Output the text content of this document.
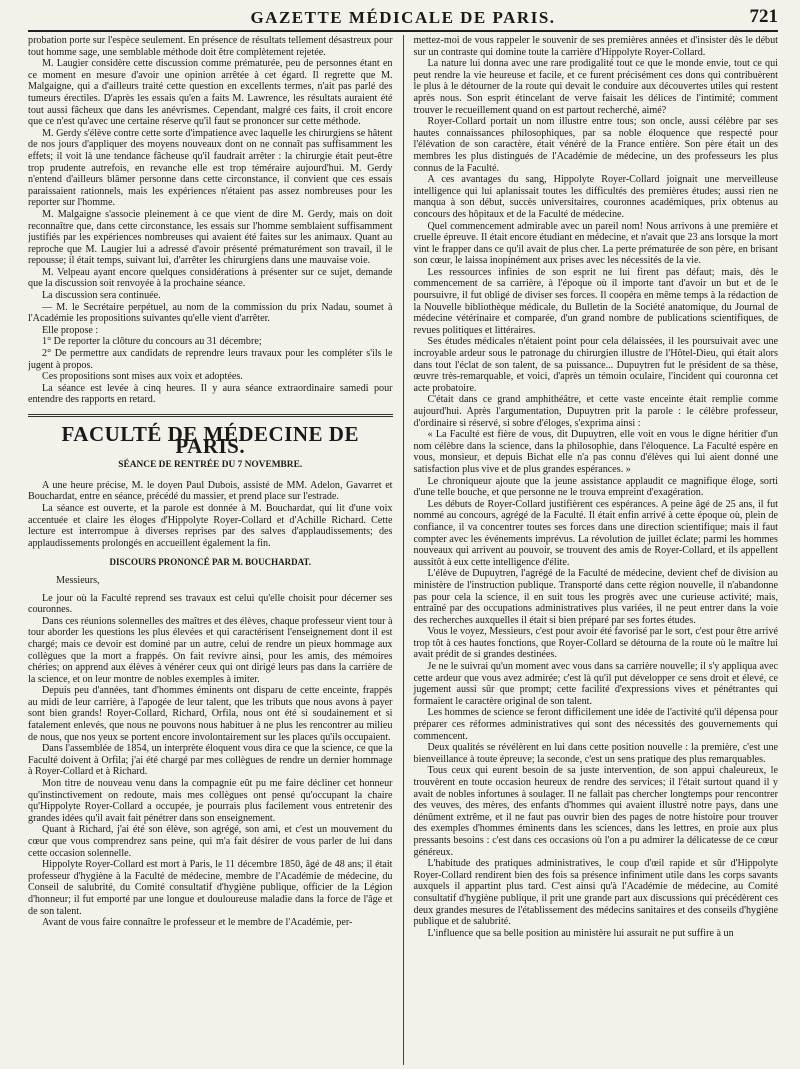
GAZETTE MÉDICALE DE PARIS.	721

probation porte sur l'espèce seulement. En présence de résultats tellement désastreux pour tout homme sage, une semblable méthode doit être complètement rejetée.

M. Laugier considère cette discussion comme prématurée, peu de personnes étant en ce moment en mesure d'avoir une opinion arrêtée à cet égard. Il regrette que M. Malgaigne, qui a d'ailleurs traité cette question en excellents termes, n'ait pas parlé des tumeurs érectiles. D'après les essais qu'en a faits M. Lawrence, les résultats auraient été tout aussi fâcheux que dans les anévrismes. Cependant, malgré ces faits, il croit encore que ce n'est qu'avec une certaine réserve qu'il faut se prononcer sur cette méthode.

M. Gerdy s'élève contre cette sorte d'impatience avec laquelle les chirurgiens se hâtent de nos jours d'appliquer des moyens nouveaux dont on ne connaît pas suffisamment les effets; il voit là une tendance fâcheuse qu'il faudrait arrêter : la chirurgie était peut-être trop prudente autrefois, en revanche elle est trop téméraire aujourd'hui. M. Gerdy n'entend d'ailleurs blâmer personne dans cette circonstance, il convient que ces essais paraissaient rationnels, mais les expériences n'étaient pas assez nombreuses pour les reporter sur l'homme.

M. Malgaigne s'associe pleinement à ce que vient de dire M. Gerdy, mais on doit reconnaître que, dans cette circonstance, les essais sur l'homme semblaient suffisamment justifiés par les expériences nombreuses qui avaient été faites sur les animaux. Quant au reproche que M. Laugier lui a adressé d'avoir présenté prématurément son travail, il le repousse; il était temps, suivant lui, d'arrêter les chirurgiens dans une mauvaise voie.

M. Velpeau ayant encore quelques considérations à présenter sur ce sujet, demande que la discussion soit renvoyée à la prochaine séance.

La discussion sera continuée.

— M. le Secrétaire perpétuel, au nom de la commission du prix Nadau, soumet à l'Académie les propositions suivantes qu'elle vient d'arrêter.

Elle propose :

1° De reporter la clôture du concours au 31 décembre;

2° De permettre aux candidats de reprendre leurs travaux pour les compléter s'ils le jugent à propos.

Ces propositions sont mises aux voix et adoptées.

La séance est levée à cinq heures. Il y aura séance extraordinaire samedi pour entendre des rapports en retard.

FACULTÉ DE MÉDECINE DE PARIS.
SÉANCE DE RENTRÉE DU 7 NOVEMBRE.

A une heure précise, M. le doyen Paul Dubois, assisté de MM. Adelon, Gavarret et Bouchardat, entre en séance, précédé du massier, et prend place sur l'estrade.

La séance est ouverte, et la parole est donnée à M. Bouchardat, qui lit d'une voix accentuée et claire les éloges d'Hippolyte Royer-Collard et d'Achille Richard. Cette lecture est interrompue à diverses reprises par des salves d'applaudissements; des applaudissements prolongés en accueillent également la fin.

DISCOURS PRONONCÉ PAR M. BOUCHARDAT.

Messieurs,

Le jour où la Faculté reprend ses travaux est celui qu'elle choisit pour décerner ses couronnes.

Dans ces réunions solennelles des maîtres et des élèves, chaque professeur vient tour à tour aborder les questions les plus élevées et qui caractérisent l'enseignement dont il est chargé; mais ce devoir est dominé par un autre, celui de rendre un pieux hommage aux collègues que la mort a frappés. On fait revivre ainsi, pour les amis, des mémoires chéries; on apprend aux élèves à vénérer ceux qui ont dirigé leurs pas dans la carrière de la science, et on leur montre de nobles exemples à imiter.

Depuis peu d'années, tant d'hommes éminents ont disparu de cette enceinte, frappés au midi de leur carrière, à l'apogée de leur talent, que les tributs que nous avons à payer sont bien grands! Royer-Collard, Richard, Orfila, nous ont été si soudainement et si fatalement enlevés, que nous ne pouvons nous habituer à ne plus les rencontrer au milieu de nous, que nos yeux se portent encore involontairement sur les places qu'ils occupaient.

Dans l'assemblée de 1854, un interprète éloquent vous dira ce que la science, ce que la Faculté doivent à Orfila; j'ai été chargé par mes collègues de rendre un dernier hommage à Royer-Collard et à Richard.

Mon titre de nouveau venu dans la compagnie eût pu me faire décliner cet honneur qu'instinctivement on redoute, mais mes collègues ont pensé qu'occupant la chaire qu'Hippolyte Royer-Collard a occupée, je pourrais plus facilement vous entretenir des grandes idées qu'il avait fait pénétrer dans son enseignement.

Quant à Richard, j'ai été son élève, son agrégé, son ami, et c'est un mouvement du cœur que vous comprendrez sans peine, qui m'a fait désirer de vous parler de lui dans cette occasion solennelle.

Hippolyte Royer-Collard est mort à Paris, le 11 décembre 1850, âgé de 48 ans; il était professeur d'hygiène à la Faculté de médecine, membre de l'Académie de médecine, du Conseil de salubrité, du Comité consultatif d'hygiène publique, officier de la Légion d'honneur; il fut emporté par une longue et douloureuse maladie dans la force de l'âge et de son talent.

Avant de vous faire connaître le professeur et le membre de l'Académie, per-

mettez-moi de vous rappeler le souvenir de ses premières années et d'insister dès le début sur un contraste qui domine toute la carrière d'Hippolyte Royer-Collard.

La nature lui donna avec une rare prodigalité tout ce que le monde envie, tout ce qui peut rendre la vie heureuse et facile, et ce furent précisément ces dons qui contribuèrent le plus à le détourner de la route qui devait le conduire aux découvertes utiles qui restent après nous. Son esprit étincelant de verve faisait les délices de l'intimité; comment trouver le recueillement quand on est partout recherché, aimé?

Royer-Collard portait un nom illustre entre tous; son oncle, aussi célèbre par ses hautes connaissances philosophiques, par sa noble éloquence que respecté pour l'élévation de son caractère, était vénéré de la France entière. Son père était un des membres les plus distingués de l'Académie de médecine, un des professeurs les plus connus de la Faculté.

A ces avantages du sang, Hippolyte Royer-Collard joignait une merveilleuse intelligence qui lui aplanissait toutes les difficultés des premières études; aussi rien ne manqua à son début, succès universitaires, couronnes académiques, prix obtenus au concours des hôpitaux et de la Faculté de médecine.

Quel commencement admirable avec un pareil nom! Nous arrivons à une première et cruelle épreuve. Il était encore étudiant en médecine, et n'avait que 23 ans lorsque la mort vint le frapper dans ce qu'il avait de plus cher. La perte prématurée de son père, en brisant son cœur, le laissa inopinément aux prises avec les nécessités de la vie.

Les ressources infinies de son esprit ne lui firent pas défaut; mais, dès le commencement de sa carrière, à l'époque où il importe tant d'avoir un but et de le poursuivre, il fut obligé de diviser ses forces. Il coopéra en même temps à la rédaction de la Nouvelle bibliothèque médicale, du Bulletin de la Société anatomique, du Journal de médecine vétérinaire et comparée, d'un grand nombre de publications scientifiques, de revues politiques et littéraires.

Ses études médicales n'étaient point pour cela délaissées, il les poursuivait avec une incroyable ardeur sous le patronage du chirurgien illustre de l'Hôtel-Dieu, qui était alors dans tout l'éclat de son talent, de sa puissance... Dupuytren fut le président de sa thèse, œuvre très-remarquable, et voici, d'après un témoin oculaire, l'incident qui couronna cet acte probatoire.

C'était dans ce grand amphithéâtre, et cette vaste enceinte était remplie comme aujourd'hui. Après l'argumentation, Dupuytren prit la parole : le célèbre professeur, d'ordinaire si réservé, si sobre d'éloges, s'exprima ainsi :

« La Faculté est fière de vous, dit Dupuytren, elle voit en vous le digne héritier d'un nom célèbre dans la science, dans la philosophie, dans l'éloquence. La Faculté espère en vous, monsieur, et depuis Bichat elle n'a pas connu d'élèves qui lui aient donné une satisfaction plus vive et de plus grandes espérances. »

Le chroniqueur ajoute que la jeune assistance applaudit ce magnifique éloge, sorti d'une telle bouche, et que personne ne le trouva empreint d'exagération.

Les débuts de Royer-Collard justifièrent ces espérances. A peine âgé de 25 ans, il fut nommé au concours, agrégé de la Faculté. Il était enfin arrivé à cette époque où, plein de confiance, il va concentrer toutes ses forces dans une direction scientifique; mais il faut compter avec les événements imprévus. La révolution de juillet éclate; parmi les hommes nouveaux qui arrivent au pouvoir, se trouvent des amis de Royer-Collard, et ils appellent aussitôt à eux cette intelligence d'élite.

L'élève de Dupuytren, l'agrégé de la Faculté de médecine, devient chef de division au ministère de l'instruction publique. Transporté dans cette région nouvelle, il n'abandonne pas pour cela la science, il en suit tous les progrès avec une curieuse activité; mais, entraîné par des occupations administratives plus variées, il ne peut entrer dans la voie des recherches auxquelles il était si bien préparé par ses fortes études.

Vous le voyez, Messieurs, c'est pour avoir été favorisé par le sort, c'est pour être arrivé trop tôt à ces hautes fonctions, que Royer-Collard se détourna de la route où le maître lui avait prédit de si grandes destinées.

Je ne le suivrai qu'un moment avec vous dans sa carrière nouvelle; il s'y appliqua avec cette ardeur que vous avez admirée; c'est là qu'il put développer ce sens droit et élevé, ce jugement aussi sûr que prompt; cette facilité d'expressions vives et pénétrantes qui formaient le caractère original de son talent.

Les hommes de science se feront difficilement une idée de l'activité qu'il dépensa pour préparer ces réformes administratives qui sont des nécessités des gouvernements qui commencent.

Deux qualités se révélèrent en lui dans cette position nouvelle : la première, c'est une bienveillance à toute épreuve; la seconde, c'est un sens pratique des plus remarquables.

Tous ceux qui eurent besoin de sa juste intervention, de son appui chaleureux, le trouvèrent en toute occasion heureux de rendre des services; il l'était surtout quand il y avait de nobles infortunes à soulager. Il ne fallait pas chercher longtemps pour rencontrer des veuves, des mères, des enfants d'hommes qui avaient illustré notre pays, dans une dénûment extrême, et il ne faut pas ouvrir bien des pages de notre histoire pour trouver des exemples d'hommes éminents dans les sciences, dans les lettres, en proie aux plus pressants besoins : c'est dans ces occasions où l'on a pu admirer la délicatesse de ce cœur généreux.

L'habitude des pratiques administratives, le coup d'œil rapide et sûr d'Hippolyte Royer-Collard rendirent bien des fois sa présence infiniment utile dans les corps savants auxquels il appartint plus tard. C'est ainsi qu'à l'Académie de médecine, au Comité consultatif d'hygiène publique, il prit une grande part aux discussions qui précédèrent ces deux grandes mesures de l'établissement des médecins sanitaires et des conseils d'hygiène publique et de salubrité.

L'influence que sa belle position au ministère lui assurait ne put suffire à un
